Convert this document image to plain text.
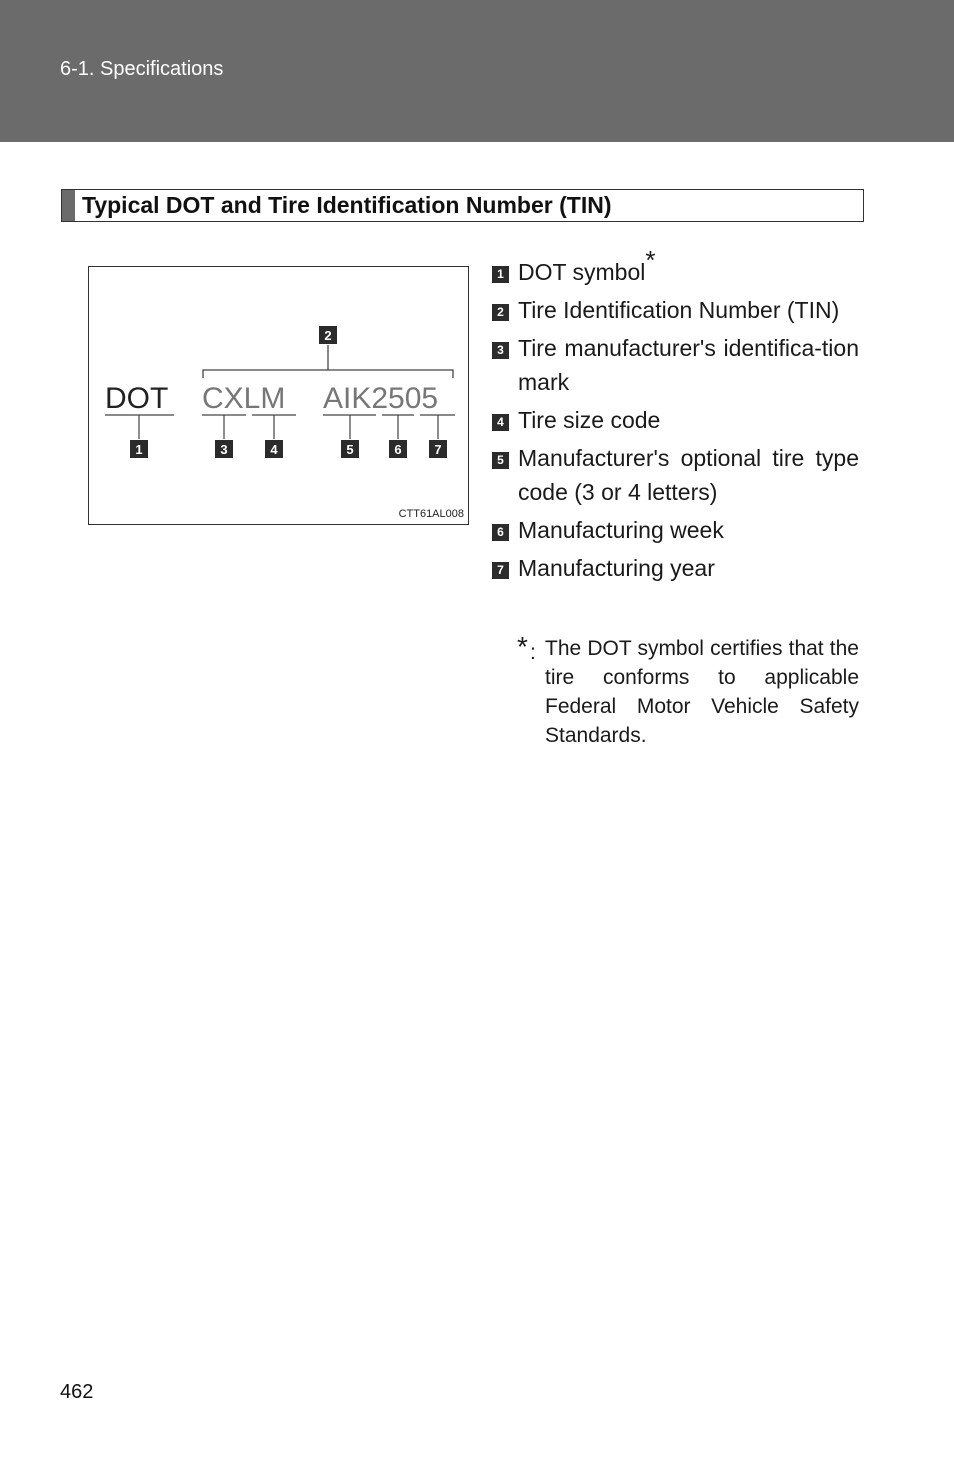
6-1. Specifications
Typical DOT and Tire Identification Number (TIN)
DOT CXLM AIK2505
2
1	3	4	5	6	7
CTT61AL008
1 DOT symbol*
2 Tire Identification Number (TIN)
3 Tire manufacturer's identifica-tion mark
4 Tire size code
5 Manufacturer's optional tire type code (3 or 4 letters)
6 Manufacturing week
7 Manufacturing year
* : The DOT symbol certifies that the tire conforms to applicable Federal Motor Vehicle Safety Standards.
462
